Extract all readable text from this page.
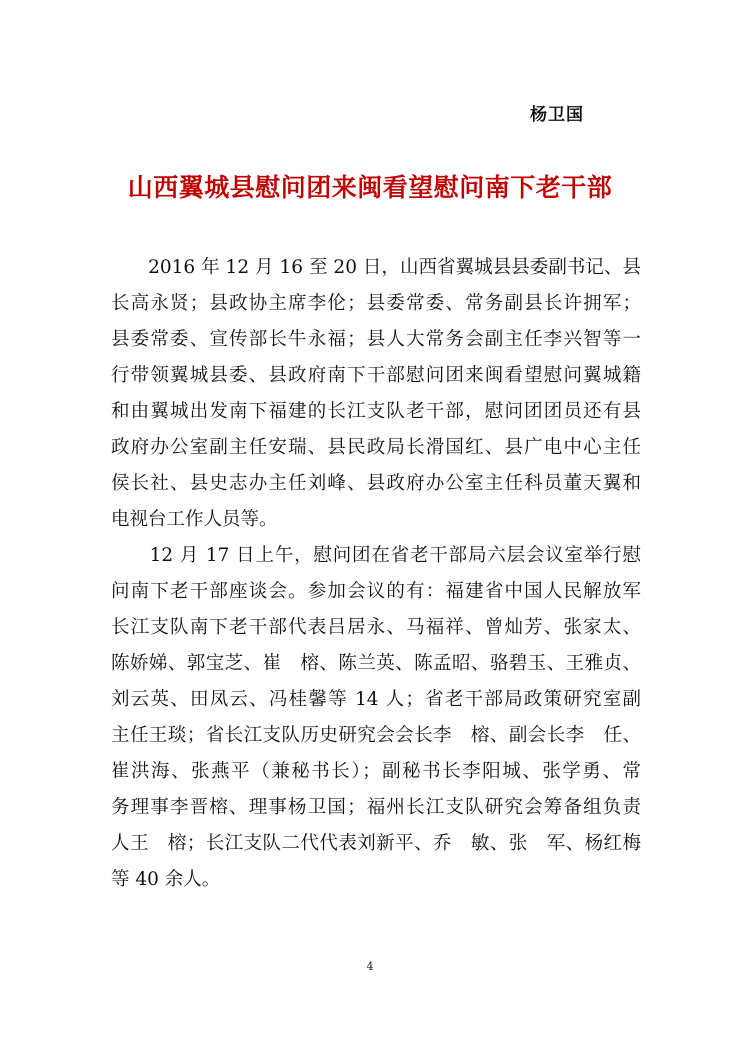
杨卫国
山西翼城县慰问团来闽看望慰问南下老干部
　　2016 年 12 月 16 至 20 日，山西省翼城县县委副书记、县
长高永贤；县政协主席李伦；县委常委、常务副县长许拥军；
县委常委、宣传部长牛永福；县人大常务会副主任李兴智等一
行带领翼城县委、县政府南下干部慰问团来闽看望慰问翼城籍
和由翼城出发南下福建的长江支队老干部，慰问团团员还有县
政府办公室副主任安瑞、县民政局长滑国红、县广电中心主任
侯长社、县史志办主任刘峰、县政府办公室主任科员董天翼和
电视台工作人员等。
　　12 月 17 日上午，慰问团在省老干部局六层会议室举行慰
问南下老干部座谈会。参加会议的有：福建省中国人民解放军
长江支队南下老干部代表吕居永、马福祥、曾灿芳、张家太、
陈娇娣、郭宝芝、崔　榕、陈兰英、陈孟昭、骆碧玉、王雅贞、
刘云英、田凤云、冯桂馨等 14 人；省老干部局政策研究室副
主任王琰；省长江支队历史研究会会长李　榕、副会长李　任、
崔洪海、张燕平（兼秘书长）；副秘书长李阳城、张学勇、常
务理事李晋榕、理事杨卫国；福州长江支队研究会筹备组负责
人王　榕；长江支队二代代表刘新平、乔　敏、张　军、杨红梅
等 40 余人。
4
